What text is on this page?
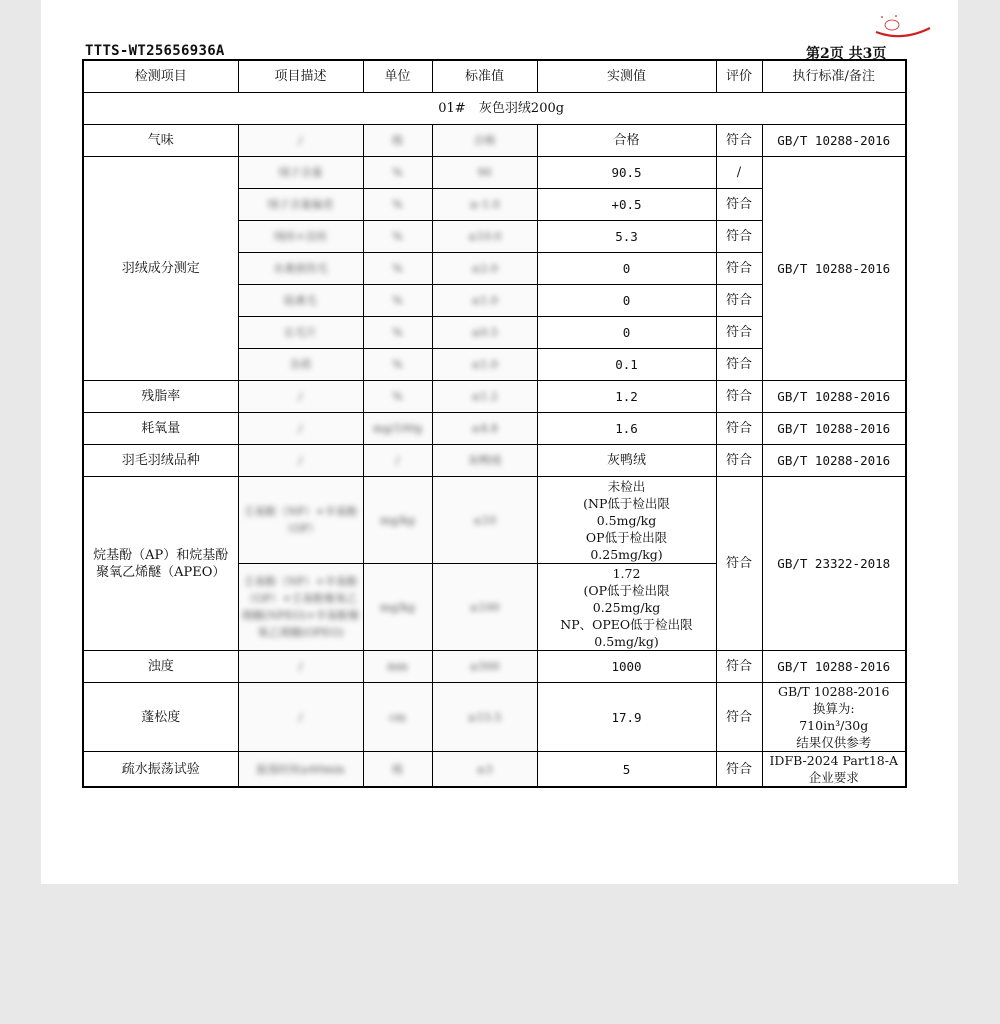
TTTS-WT25656936A	第2页 共3页
检测项目	项目描述	单位	标准值	实测值	评价	执行标准/备注
01# 灰色羽绒200g						
气味	/	级	合格	合格	符合	GB/T 10288-2016
羽绒成分测定	绒子含量	%	90	90.5	/	GB/T 10288-2016
	绒子含量偏差	%	≥-1.0	+0.5	符合	
	绒丝+羽丝	%	≤10.0	5.3	符合	
	水禽损伤毛	%	≤2.0	0	符合	
	陆禽毛	%	≤1.0	0	符合	
	长毛片	%	≤0.5	0	符合	
	杂质	%	≤1.0	0.1	符合	
残脂率	/	%	≤1.2	1.2	符合	GB/T 10288-2016
耗氧量	/	mg/100g	≤4.8	1.6	符合	GB/T 10288-2016
羽毛羽绒品种	/	/	灰鸭绒	灰鸭绒	符合	GB/T 10288-2016
烷基酚（AP）和烷基酚聚氧乙烯醚（APEO）	壬基酚（NP）+辛基酚（OP）	mg/kg	≤10	未检出
(NP低于检出限
0.5mg/kg
OP低于检出限
0.25mg/kg)	符合	GB/T 23322-2018
	壬基酚（NP）+辛基酚（OP）+壬基酚聚氧乙烯醚(NPEO)+辛基酚聚氧乙烯醚(OPEO)	mg/kg	≤100	1.72
(OP低于检出限
0.25mg/kg
NP、OPEO低于检出限
0.5mg/kg)		
浊度	/	mm	≥500	1000	符合	GB/T 10288-2016
蓬松度	/	cm	≥15.5	17.9	符合	GB/T 10288-2016
换算为:
710in³/30g
结果仅供参考
疏水振荡试验	振荡时间≥60min	级	≥3	5	符合	IDFB-2024 Part18-A
企业要求
